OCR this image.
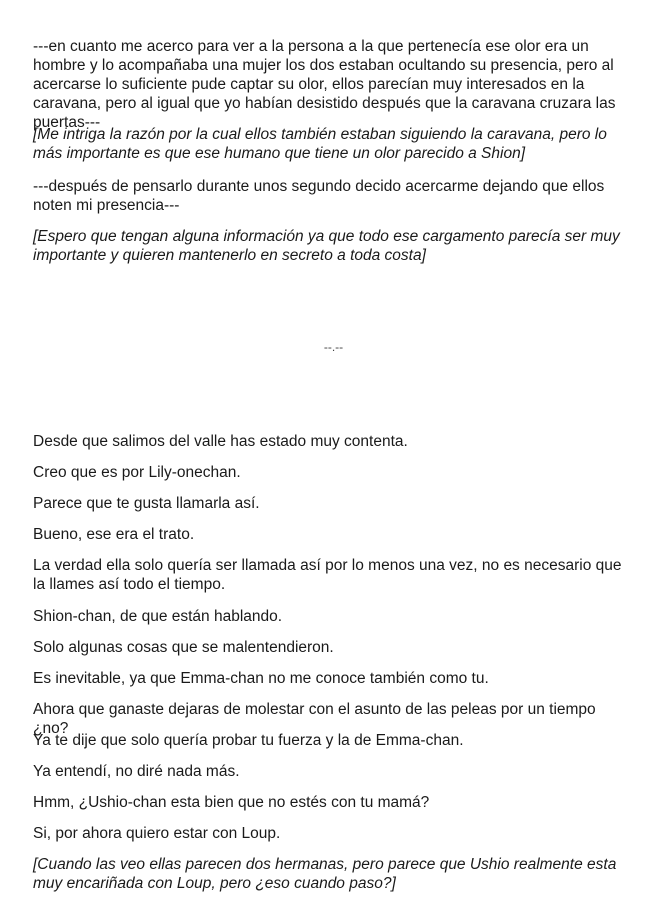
---en cuanto me acerco para ver a la persona a la que pertenecía ese olor era un hombre y lo acompañaba una mujer los dos estaban ocultando su presencia, pero al acercarse lo suficiente pude captar su olor, ellos parecían muy interesados en la caravana, pero al igual que yo habían desistido después que la caravana cruzara las puertas---

[Me intriga la razón por la cual ellos también estaban siguiendo la caravana, pero lo más importante es que ese humano que tiene un olor parecido a Shion]

---después de pensarlo durante unos segundo decido acercarme dejando que ellos noten mi presencia---

[Espero que tengan alguna información ya que todo ese cargamento parecía ser muy importante y quieren mantenerlo en secreto a toda costa]

--.--

Desde que salimos del valle has estado muy contenta.

Creo que es por Lily-onechan.

Parece que te gusta llamarla así.

Bueno, ese era el trato.

La verdad ella solo quería ser llamada así por lo menos una vez, no es necesario que la llames así todo el tiempo.

Shion-chan, de que están hablando.

Solo algunas cosas que se malentendieron.

Es inevitable, ya que Emma-chan no me conoce también como tu.

Ahora que ganaste dejaras de molestar con el asunto de las peleas por un tiempo ¿no?

Ya te dije que solo quería probar tu fuerza y la de Emma-chan.

Ya entendí, no diré nada más.

Hmm, ¿Ushio-chan esta bien que no estés con tu mamá?

Si, por ahora quiero estar con Loup.

[Cuando las veo ellas parecen dos hermanas, pero parece que Ushio realmente esta muy encariñada con Loup, pero ¿eso cuando paso?]
